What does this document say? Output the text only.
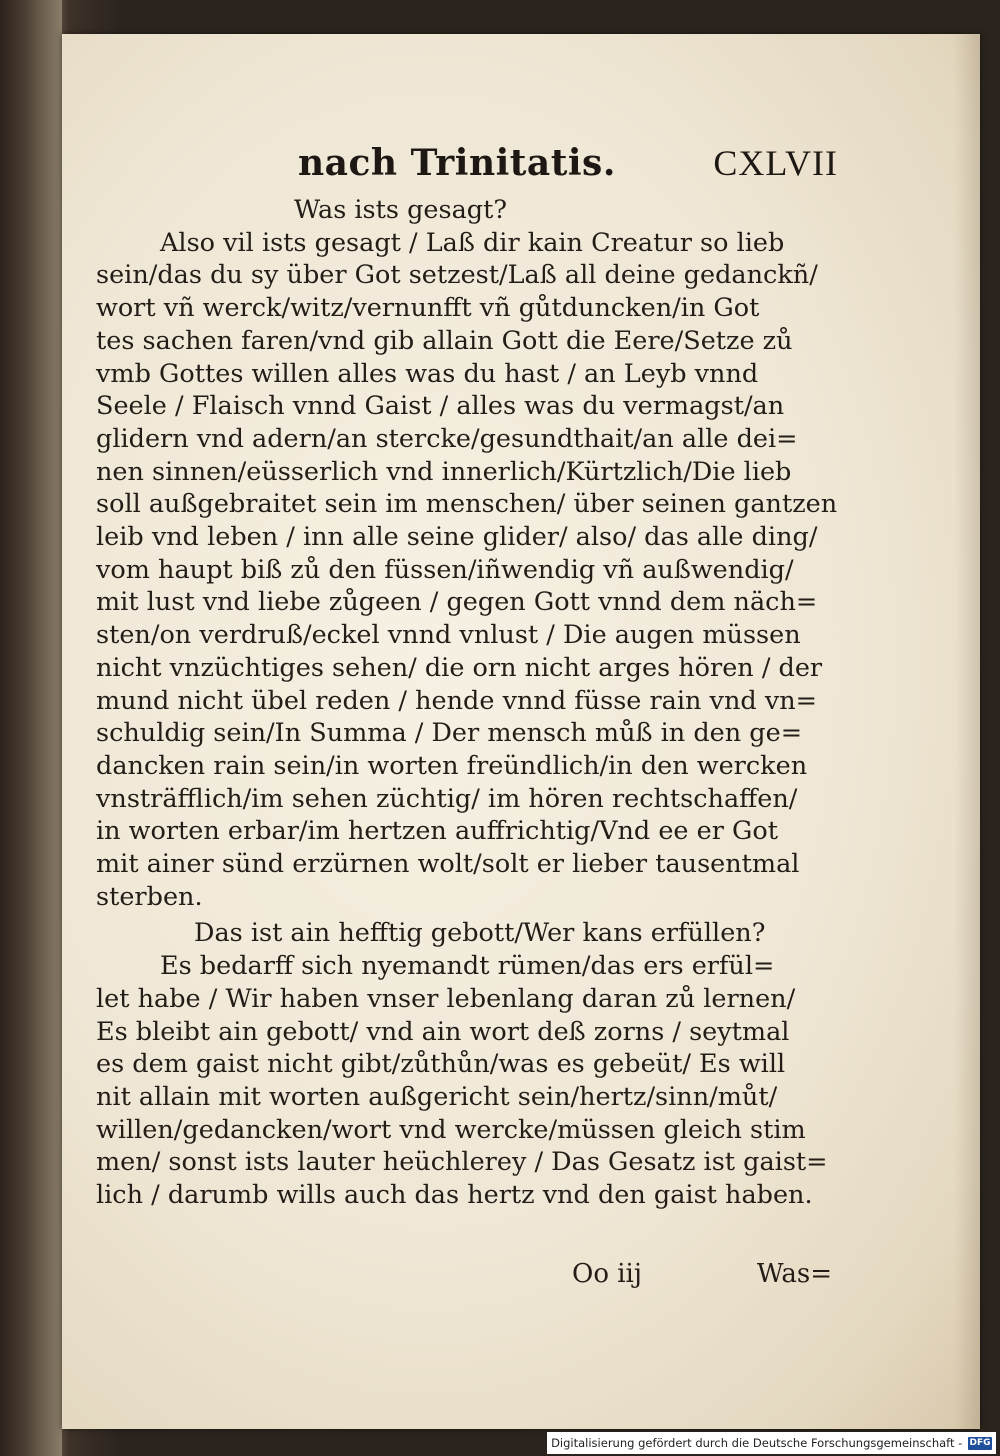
nach Trinitatis.	CXLVII
Was ists gesagt?
Also vil ists gesagt / Laß dir kain Creatur so lieb
sein/das du sy über Got setzest/Laß all deine gedanckñ/
wort vñ werck/witz/vernunfft vñ gůtduncken/in Got
tes sachen faren/vnd gib allain Gott die Eere/Setze zů
vmb Gottes willen alles was du hast / an Leyb vnnd
Seele / Flaisch vnnd Gaist / alles was du vermagst/an
glidern vnd adern/an stercke/gesundthait/an alle dei=
nen sinnen/eüsserlich vnd innerlich/Kürtzlich/Die lieb
soll außgebraitet sein im menschen/ über seinen gantzen
leib vnd leben / inn alle seine glider/ also/ das alle ding/
vom haupt biß zů den füssen/iñwendig vñ außwendig/
mit lust vnd liebe zůgeen / gegen Gott vnnd dem näch=
sten/on verdruß/eckel vnnd vnlust / Die augen müssen
nicht vnzüchtiges sehen/ die orn nicht arges hören / der
mund nicht übel reden / hende vnnd füsse rain vnd vn=
schuldig sein/In Summa / Der mensch můß in den ge=
dancken rain sein/in worten freündlich/in den wercken
vnsträfflich/im sehen züchtig/ im hören rechtschaffen/
in worten erbar/im hertzen auffrichtig/Vnd ee er Got
mit ainer sünd erzürnen wolt/solt er lieber tausentmal
sterben.
Das ist ain hefftig gebott/Wer kans erfüllen?
Es bedarff sich nyemandt rümen/das ers erfül=
let habe / Wir haben vnser lebenlang daran zů lernen/
Es bleibt ain gebott/ vnd ain wort deß zorns / seytmal
es dem gaist nicht gibt/zůthůn/was es gebeüt/ Es will
nit allain mit worten außgericht sein/hertz/sinn/můt/
willen/gedancken/wort vnd wercke/müssen gleich stim
men/ sonst ists lauter heüchlerey / Das Gesatz ist gaist=
lich / darumb wills auch das hertz vnd den gaist haben.
Oo iij	Was=
Digitalisierung gefördert durch die Deutsche Forschungsgemeinschaft - DFG
